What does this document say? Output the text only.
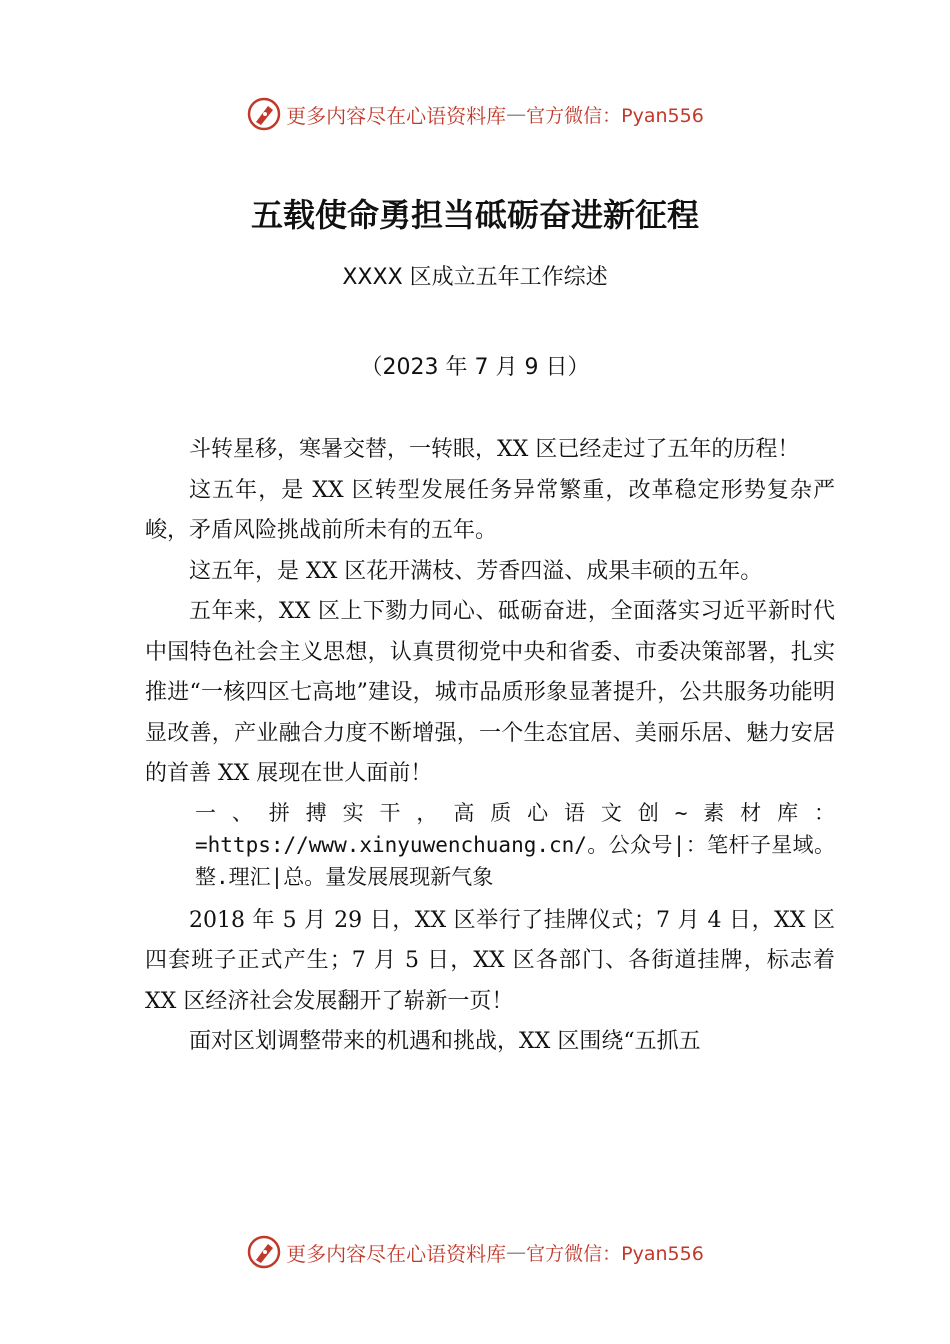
更多内容尽在心语资料库 — 官方微信：Pyan556
五载使命勇担当砥砺奋进新征程
XXXX 区成立五年工作综述
（2023 年 7 月 9 日）

斗转星移，寒暑交替，一转眼，XX 区已经走过了五年的历程！

这五年，是 XX 区转型发展任务异常繁重，改革稳定形势复杂严峻，矛盾风险挑战前所未有的五年。

这五年，是 XX 区花开满枝、芳香四溢、成果丰硕的五年。

五年来，XX 区上下勠力同心、砥砺奋进，全面落实习近平新时代中国特色社会主义思想，认真贯彻党中央和省委、市委决策部署，扎实推进“一核四区七高地”建设，城市品质形象显著提升，公共服务功能明显改善，产业融合力度不断增强，一个生态宜居、美丽乐居、魅力安居的首善 XX 展现在世人面前！

一、拼搏实干，高质心语文创~素材库：=https://www.xinyuwenchuang.cn/。公众号|：笔杆子星域。整.理汇|总。量发展展现新气象

2018 年 5 月 29 日，XX 区举行了挂牌仪式；7 月 4 日，XX 区四套班子正式产生；7 月 5 日，XX 区各部门、各街道挂牌，标志着 XX 区经济社会发展翻开了崭新一页！

面对区划调整带来的机遇和挑战，XX 区围绕“五抓五

更多内容尽在心语资料库 — 官方微信：Pyan556
